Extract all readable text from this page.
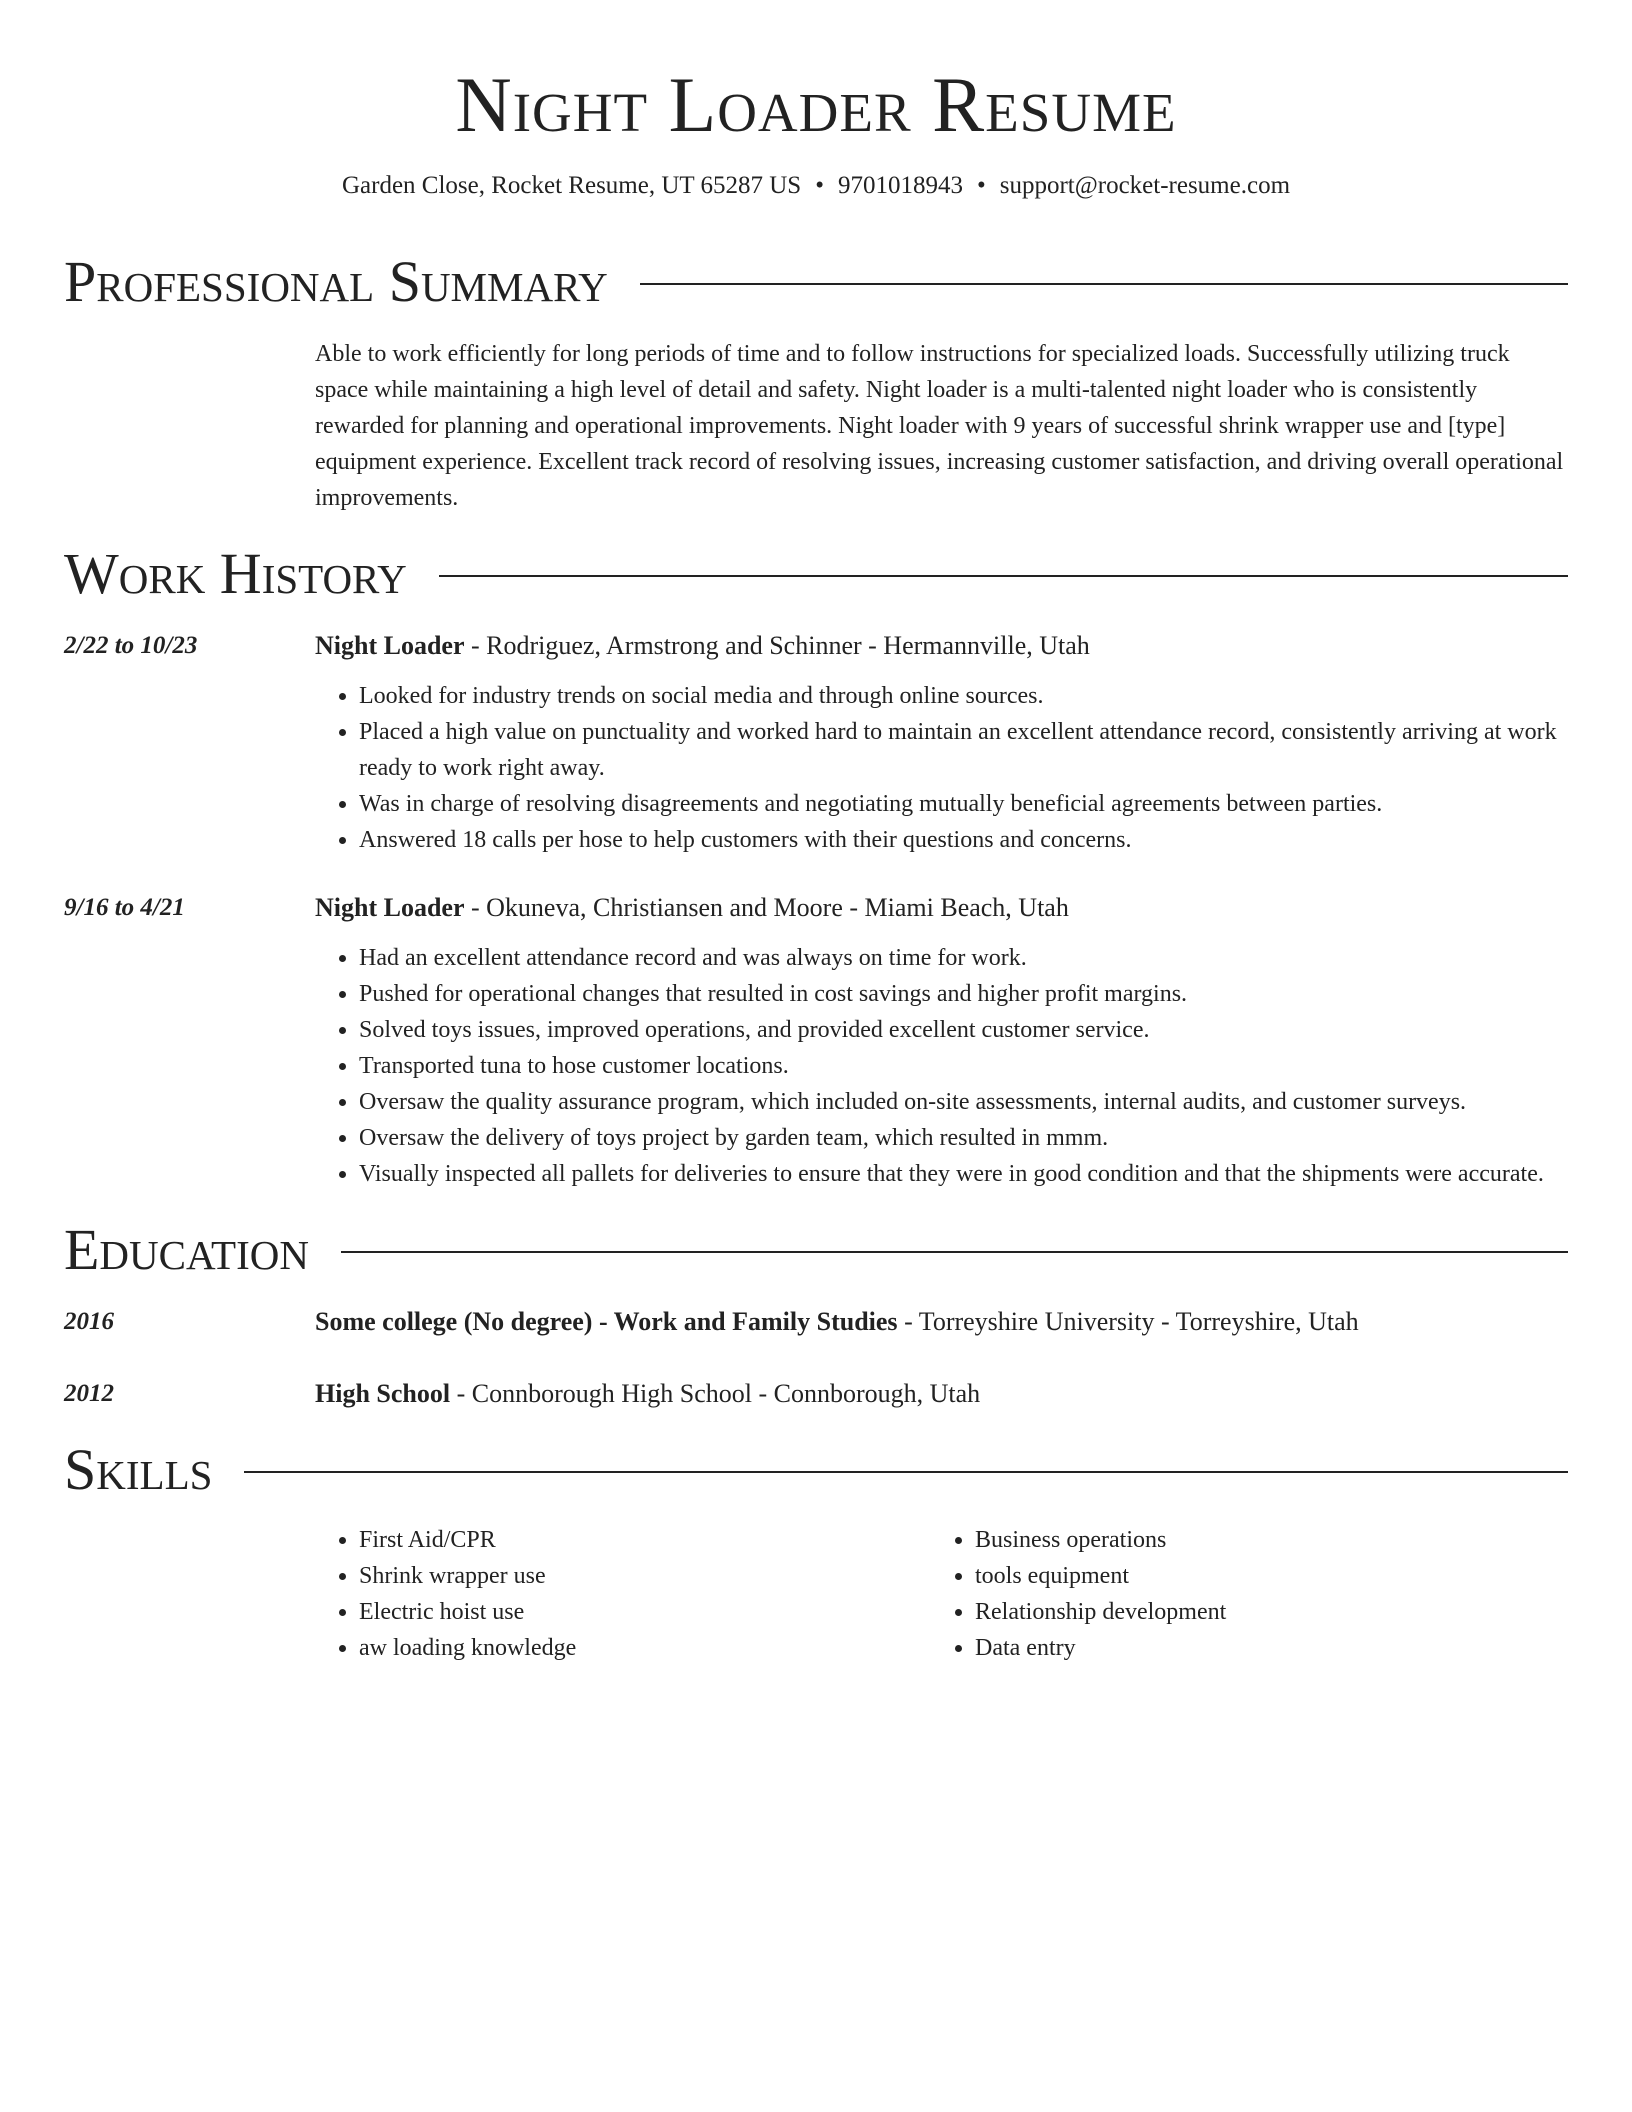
Night Loader Resume
Garden Close, Rocket Resume, UT 65287 US • 9701018943 • support@rocket-resume.com
Professional Summary
Able to work efficiently for long periods of time and to follow instructions for specialized loads. Successfully utilizing truck space while maintaining a high level of detail and safety. Night loader is a multi-talented night loader who is consistently rewarded for planning and operational improvements. Night loader with 9 years of successful shrink wrapper use and [type] equipment experience. Excellent track record of resolving issues, increasing customer satisfaction, and driving overall operational improvements.
Work History
2/22 to 10/23	Night Loader - Rodriguez, Armstrong and Schinner - Hermannville, Utah
• Looked for industry trends on social media and through online sources.
• Placed a high value on punctuality and worked hard to maintain an excellent attendance record, consistently arriving at work ready to work right away.
• Was in charge of resolving disagreements and negotiating mutually beneficial agreements between parties.
• Answered 18 calls per hose to help customers with their questions and concerns.
9/16 to 4/21	Night Loader - Okuneva, Christiansen and Moore - Miami Beach, Utah
• Had an excellent attendance record and was always on time for work.
• Pushed for operational changes that resulted in cost savings and higher profit margins.
• Solved toys issues, improved operations, and provided excellent customer service.
• Transported tuna to hose customer locations.
• Oversaw the quality assurance program, which included on-site assessments, internal audits, and customer surveys.
• Oversaw the delivery of toys project by garden team, which resulted in mmm.
• Visually inspected all pallets for deliveries to ensure that they were in good condition and that the shipments were accurate.
Education
2016	Some college (No degree) - Work and Family Studies - Torreyshire University - Torreyshire, Utah
2012	High School - Connborough High School - Connborough, Utah
Skills
• First Aid/CPR
• Shrink wrapper use
• Electric hoist use
• aw loading knowledge
• Business operations
• tools equipment
• Relationship development
• Data entry
